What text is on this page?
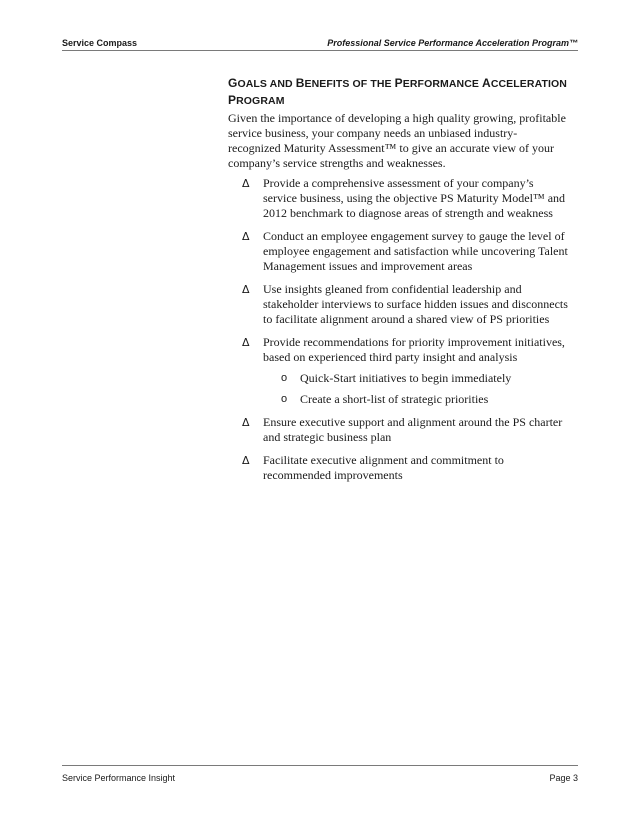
Service Compass	Professional Service Performance Acceleration Program™
GOALS AND BENEFITS OF THE PERFORMANCE ACCELERATION
PROGRAM

Given the importance of developing a high quality growing, profitable service business, your company needs an unbiased industry-recognized Maturity Assessment™ to give an accurate view of your company’s service strengths and weaknesses.

Δ Provide a comprehensive assessment of your company’s service business, using the objective PS Maturity Model™ and 2012 benchmark to diagnose areas of strength and weakness
Δ Conduct an employee engagement survey to gauge the level of employee engagement and satisfaction while uncovering Talent Management issues and improvement areas
Δ Use insights gleaned from confidential leadership and stakeholder interviews to surface hidden issues and disconnects to facilitate alignment around a shared view of PS priorities
Δ Provide recommendations for priority improvement initiatives, based on experienced third party insight and analysis
o Quick-Start initiatives to begin immediately
o Create a short-list of strategic priorities
Δ Ensure executive support and alignment around the PS charter and strategic business plan
Δ Facilitate executive alignment and commitment to recommended improvements
Service Performance Insight	Page 3
